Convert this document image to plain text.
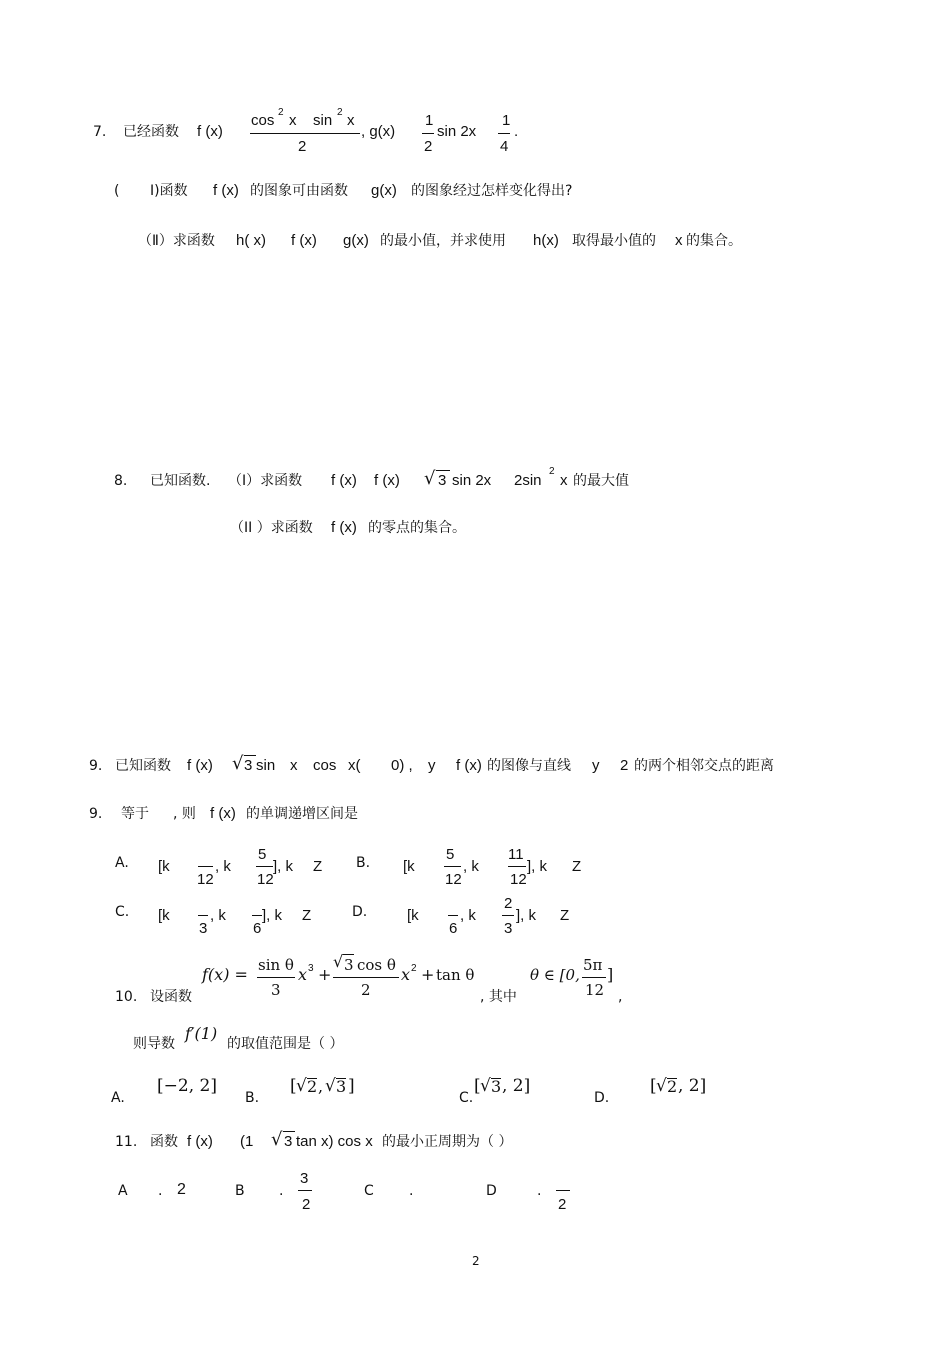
7. 已经函数 f (x)
cos 2 x sin 2 x
2
, g(x)
1
2
sin 2x
1
4
.
( Ⅰ)函数 f (x) 的图象可由函数 g(x) 的图象经过怎样变化得出?
（Ⅱ）求函数 h( x) f (x) g(x) 的最小值，并求使用 h(x) 取得最小值的 x 的集合。
8. 已知函数. （Ⅰ）求函数 f (x) f (x) √ 3 sin 2x 2sin
2
x 的最大值
（II ）求函数 f (x) 的零点的集合。
9. 已知函数 f (x) √ 3 sin x cos x( 0) , y f (x) 的图像与直线 y 2 的两个相邻交点的距离
9. 等于 , 则 f (x) 的单调递增区间是
A. [k
12
, k
5
12
], k Z B. [k
5
12
, k
11
12
], k Z
C. [k
3
, k
6
], k Z	D.	[k
6
, k
2
3
], k Z
10. 设函数
f(x) = sin θ
3
x 3 +
√ 3 cos θ
2
x 2 + tan θ
, 其中
θ ∈ [0,
5π
12
]
,
则导数
f′(1)
的取值范围是（ ）
A.
[−2, 2]
B.
[ √ 2 , √ 3 ]
C.
[ √ 3 , 2]
D.
[ √ 2 , 2]
11. 函数 f (x) (1 √ 3 tan x) cos x 的最小正周期为（ ）
A . 2	B .
3
2
C	.	D	.
2
2
